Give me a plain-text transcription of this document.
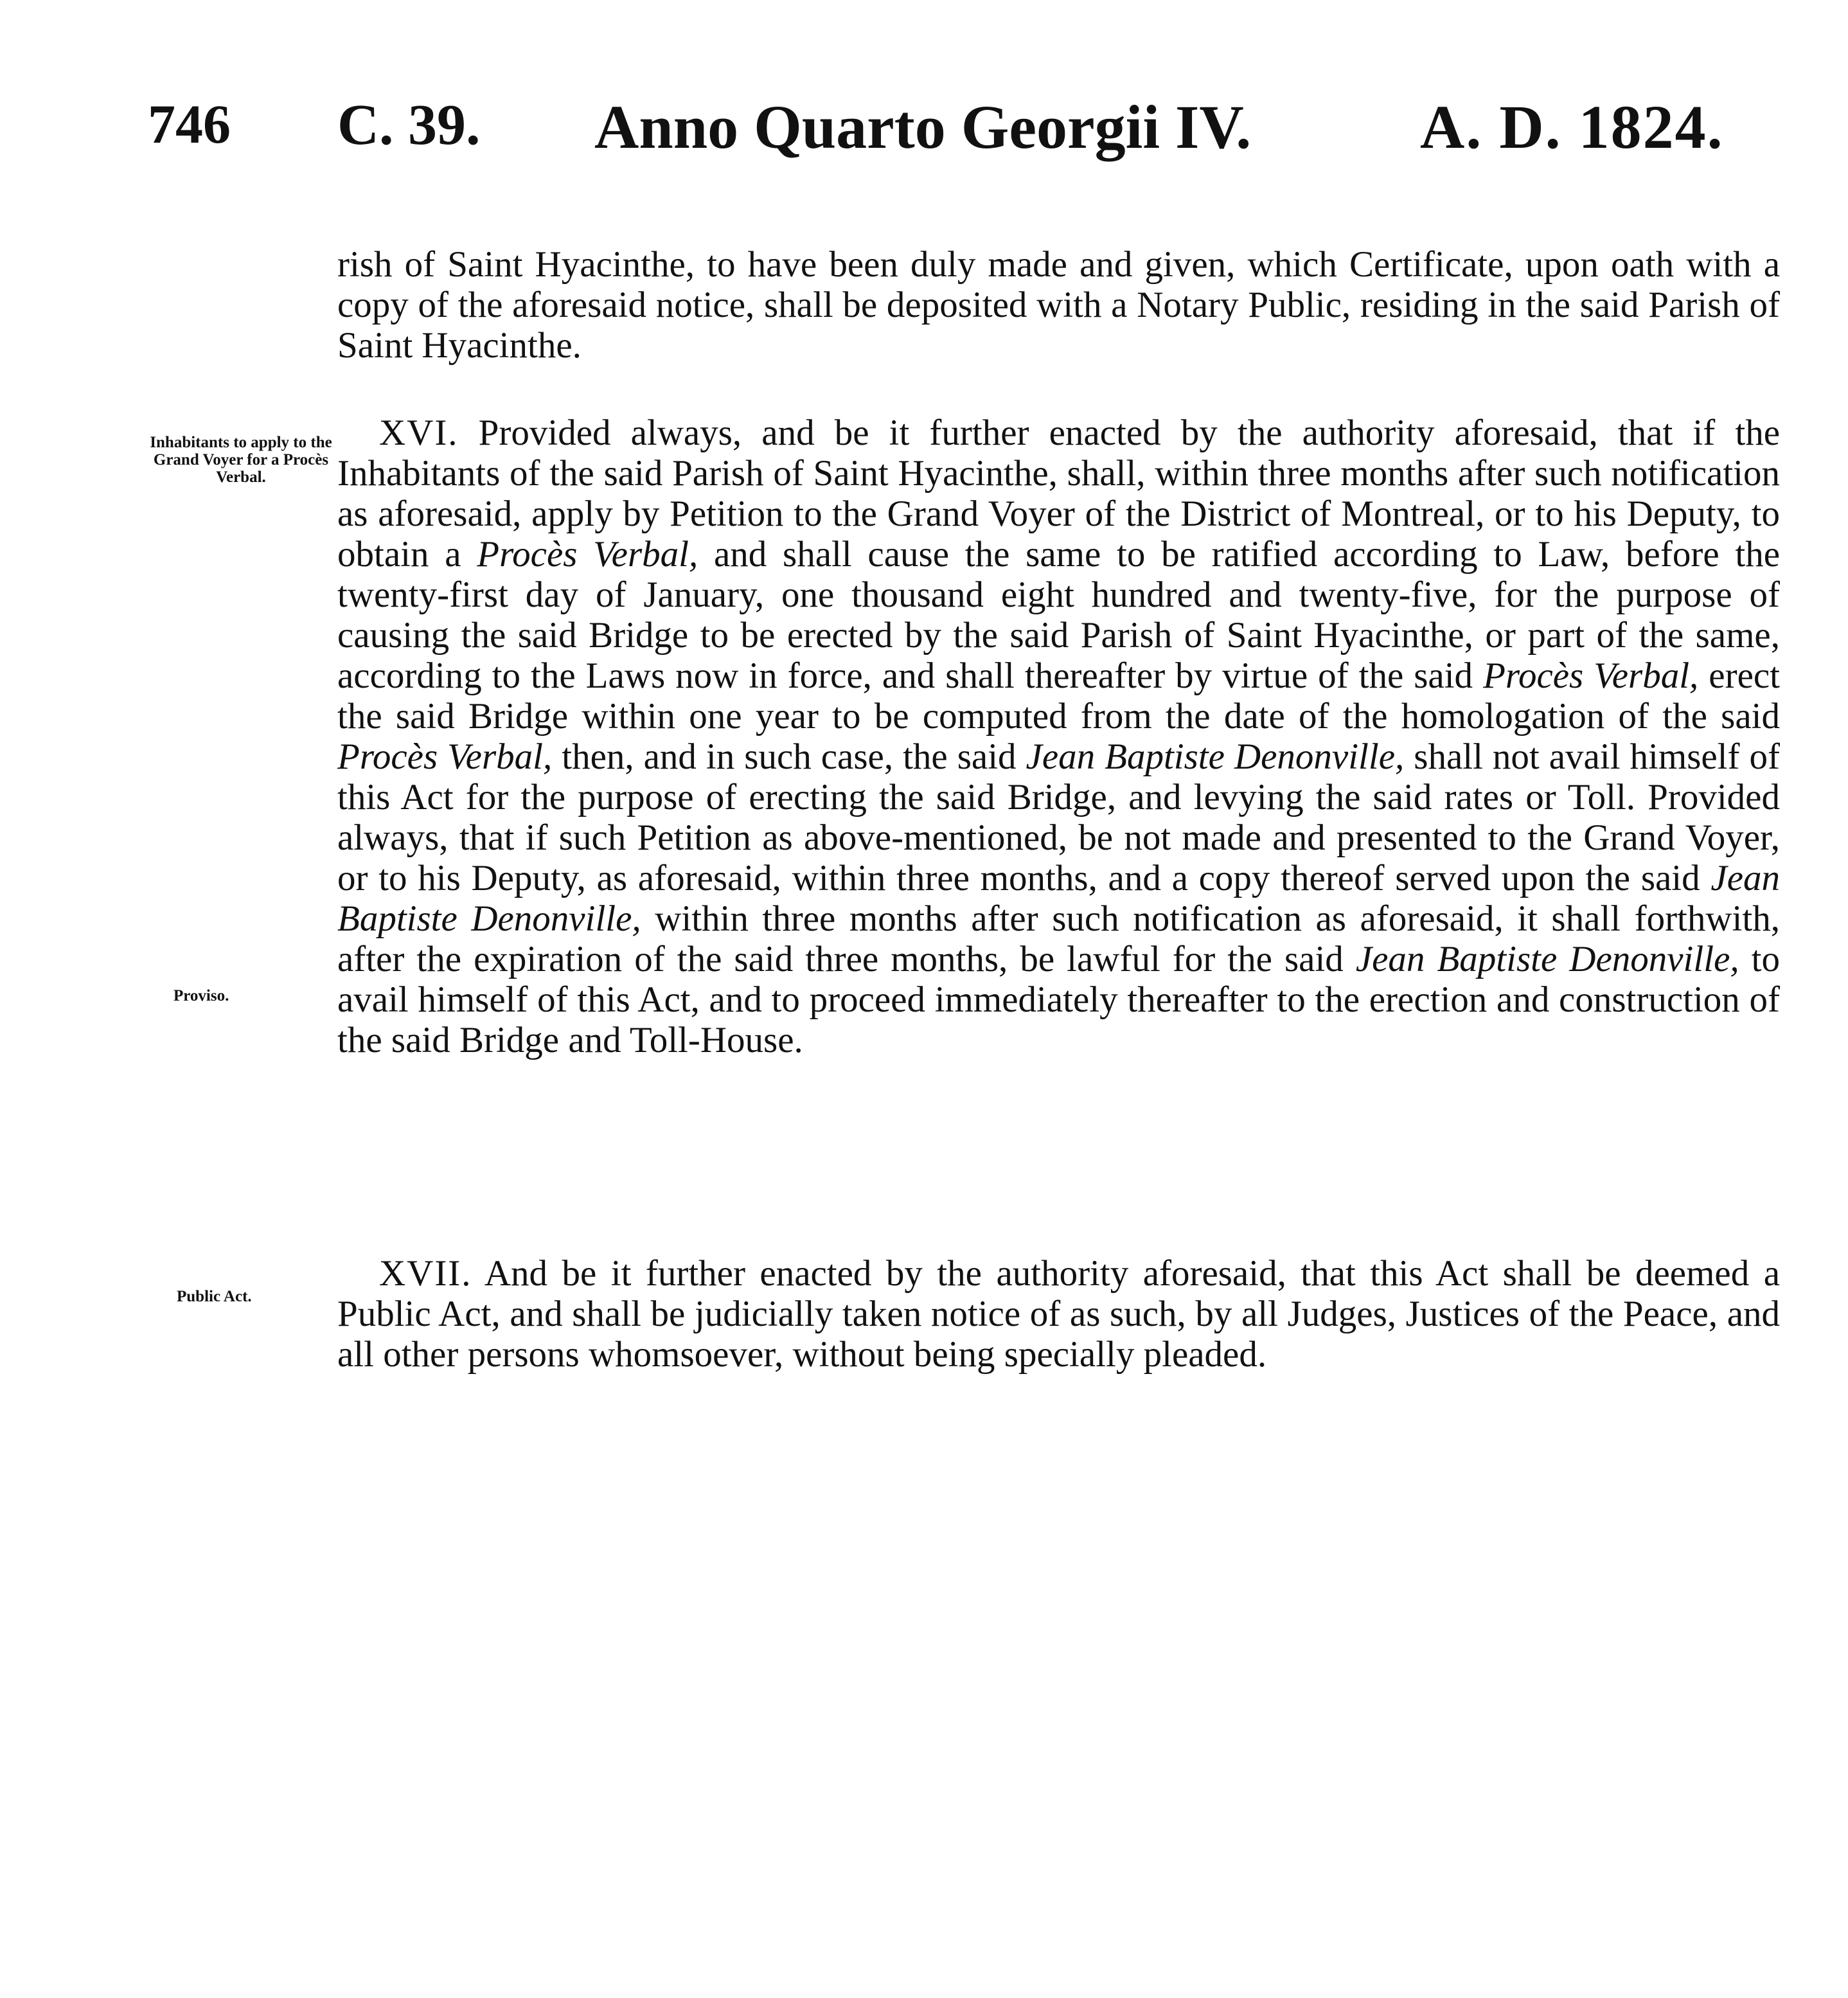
746 C. 39. Anno Quarto Georgii IV.	A. D. 1824.

rish of Saint Hyacinthe, to have been duly made and given, which Certificate, upon oath with a copy of the aforesaid notice, shall be deposited with a Notary Public, residing in the said Parish of Saint Hyacinthe.

Inhabitants to apply to the Grand Voyer for a Procès Verbal.

XVI. Provided always, and be it further enacted by the authority aforesaid, that if the Inhabitants of the said Parish of Saint Hyacinthe, shall, within three months after such notification as aforesaid, apply by Petition to the Grand Voyer of the District of Montreal, or to his Deputy, to obtain a Procès Verbal, and shall cause the same to be ratified according to Law, before the twenty-first day of January, one thousand eight hundred and twenty-five, for the purpose of causing the said Bridge to be erected by the said Parish of Saint Hyacinthe, or part of the same, according to the Laws now in force, and shall thereafter by virtue of the said Procès Verbal, erect the said Bridge within one year to be computed from the date of the homologation of the said Procès Verbal, then, and in such case, the said Jean Baptiste Denonville, shall not avail himself of this Act for the purpose of erecting the said Bridge, and levying the said rates or Toll. Provided always, that if such Petition as above-mentioned, be not made and presented to the Grand Voyer, or to his Deputy, as aforesaid, within three months, and a copy thereof served upon the said Jean Baptiste Denonville, within three months after such notification as aforesaid, it shall forthwith, after the expiration of the said three months, be lawful for the said Jean Baptiste Denonville, to avail himself of this Act, and to proceed immediately thereafter to the erection and construction of the said Bridge and Toll-House.

Proviso.
Public Act.

XVII. And be it further enacted by the authority aforesaid, that this Act shall be deemed a Public Act, and shall be judicially taken notice of as such, by all Judges, Justices of the Peace, and all other persons whomsoever, without being specially pleaded.
